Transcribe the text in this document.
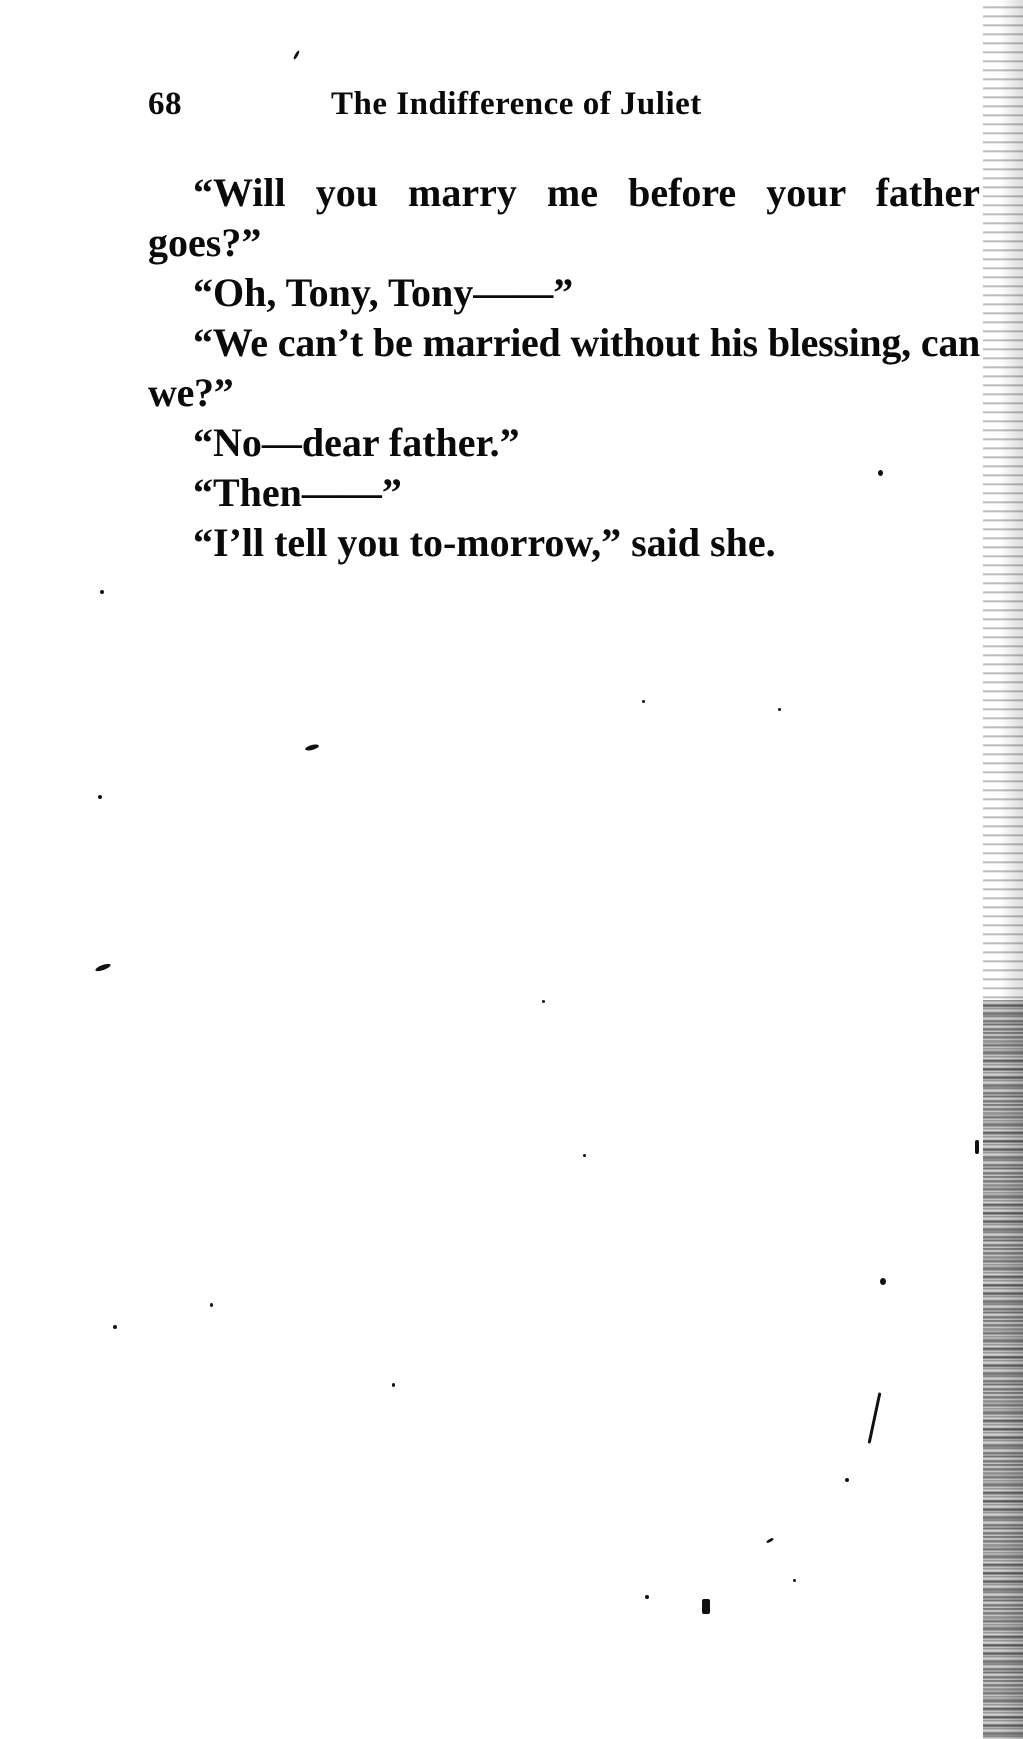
68	The Indifference of Juliet

“Will you marry me before your father goes?”

“Oh, Tony, Tony——”

“We can’t be married without his blessing, can we?”

“No—dear father.”

“Then——”

“I’ll tell you to-morrow,” said she.
